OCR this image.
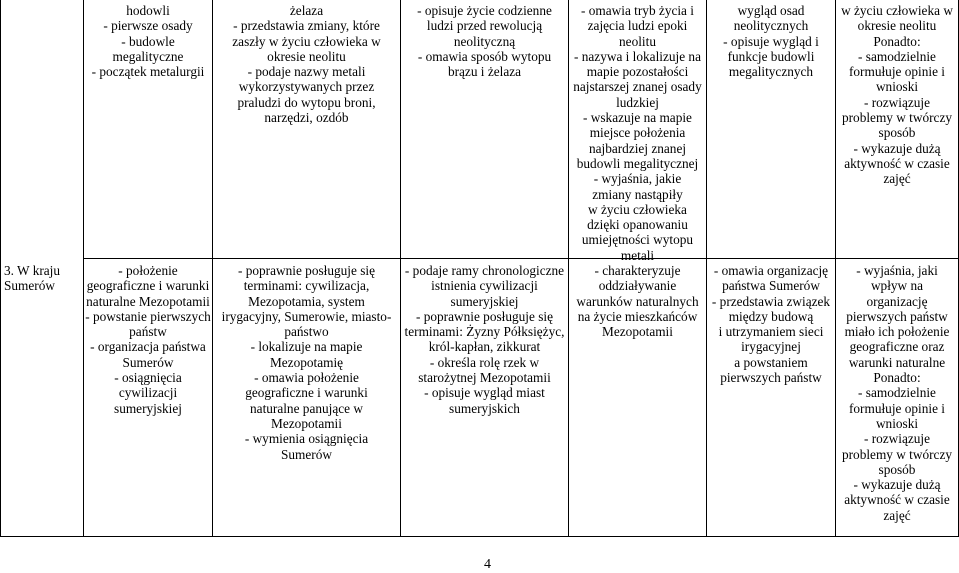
hodowli
- pierwsze osady
- budowle
megalityczne
- początek metalurgii
żelaza
- przedstawia zmiany, które
zaszły w życiu człowieka w
okresie neolitu
- podaje nazwy metali
wykorzystywanych przez
praludzi do wytopu broni,
narzędzi, ozdób
- opisuje życie codzienne
ludzi przed rewolucją
neolityczną
- omawia sposób wytopu
brązu i żelaza
- omawia tryb życia i
zajęcia ludzi epoki
neolitu
- nazywa i lokalizuje na
mapie pozostałości
najstarszej znanej osady
ludzkiej
- wskazuje na mapie
miejsce położenia
najbardziej znanej
budowli megalitycznej
- wyjaśnia, jakie
zmiany nastąpiły
w życiu człowieka
dzięki opanowaniu
umiejętności wytopu
metali
wygląd osad
neolitycznych
- opisuje wygląd i
funkcje budowli
megalitycznych
w życiu człowieka w
okresie neolitu
Ponadto:
- samodzielnie
formułuje opinie i
wnioski
- rozwiązuje
problemy w twórczy
sposób
- wykazuje dużą
aktywność w czasie
zajęć
3. W kraju
Sumerów
- położenie
geograficzne i warunki
naturalne Mezopotamii
- powstanie pierwszych
państw
- organizacja państwa
Sumerów
- osiągnięcia
cywilizacji
sumeryjskiej
- poprawnie posługuje się
terminami: cywilizacja,
Mezopotamia, system
irygacyjny, Sumerowie, miasto-
państwo
- lokalizuje na mapie
Mezopotamię
- omawia położenie
geograficzne i warunki
naturalne panujące w
Mezopotamii
- wymienia osiągnięcia
Sumerów
- podaje ramy chronologiczne
istnienia cywilizacji
sumeryjskiej
- poprawnie posługuje się
terminami: Żyzny Półksiężyc,
król-kapłan, zikkurat
- określa rolę rzek w
starożytnej Mezopotamii
- opisuje wygląd miast
sumeryjskich
- charakteryzuje
oddziaływanie
warunków naturalnych
na życie mieszkańców
Mezopotamii
- omawia organizację
państwa Sumerów
- przedstawia związek
między budową
i utrzymaniem sieci
irygacyjnej
a powstaniem
pierwszych państw
- wyjaśnia, jaki
wpływ na
organizację
pierwszych państw
miało ich położenie
geograficzne oraz
warunki naturalne
Ponadto:
- samodzielnie
formułuje opinie i
wnioski
- rozwiązuje
problemy w twórczy
sposób
- wykazuje dużą
aktywność w czasie
zajęć
4
